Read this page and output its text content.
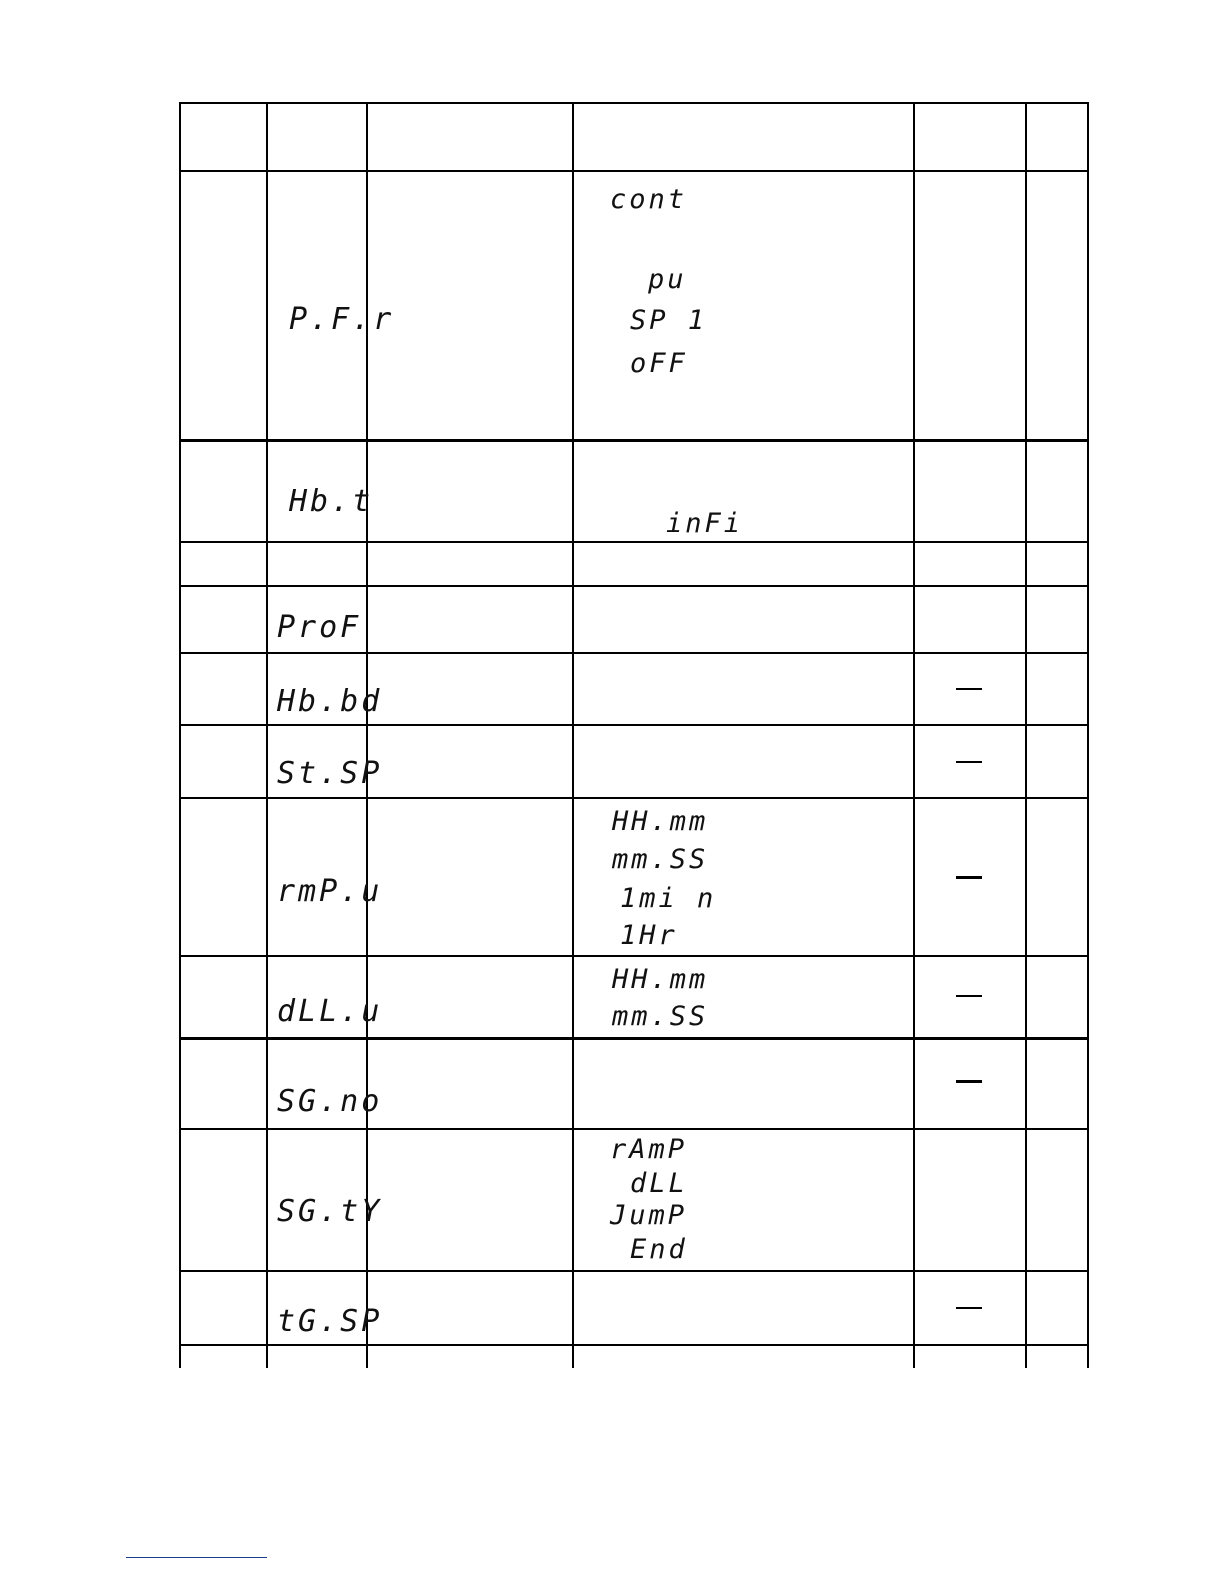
P.F.r
cont
pu
SP 1
oFF
Hb.t
inFi
ProF
Hb.bd
St.SP
rmP.u
HH.mm
mm.SS
1mi n
1Hr
dLL.u
HH.mm
mm.SS
SG.no
SG.tY
rAmP
dLL
JumP
End
tG.SP
